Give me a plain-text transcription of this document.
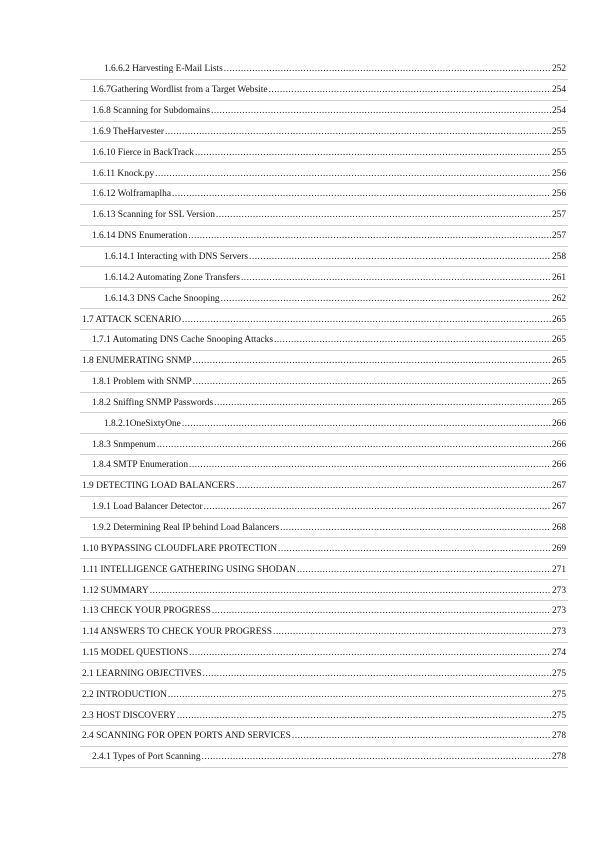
1.6.6.2 Harvesting E-Mail Lists .....	252
1.6.7Gathering Wordlist from a Target Website .....	254
1.6.8 Scanning for Subdomains .....	254
1.6.9 TheHarvester .....	255
1.6.10 Fierce in BackTrack .....	255
1.6.11 Knock.py .....	256
1.6.12 Wolframaplha .....	256
1.6.13 Scanning for SSL Version .....	257
1.6.14 DNS Enumeration .....	257
1.6.14.1 Interacting with DNS Servers .....	258
1.6.14.2 Automating Zone Transfers .....	261
1.6.14.3 DNS Cache Snooping .....	262
1.7 ATTACK SCENARIO .....	265
1.7.1 Automating DNS Cache Snooping Attacks .....	265
1.8 ENUMERATING SNMP .....	265
1.8.1 Problem with SNMP .....	265
1.8.2 Sniffing SNMP Passwords .....	265
1.8.2.1OneSixtyOne .....	266
1.8.3 Snmpenum .....	266
1.8.4 SMTP Enumeration .....	266
1.9 DETECTING LOAD BALANCERS .....	267
1.9.1 Load Balancer Detector .....	267
1.9.2 Determining Real IP behind Load Balancers .....	268
1.10 BYPASSING CLOUDFLARE PROTECTION .....	269
1.11 INTELLIGENCE GATHERING USING SHODAN .....	271
1.12 SUMMARY .....	273
1.13 CHECK YOUR PROGRESS .....	273
1.14 ANSWERS TO CHECK YOUR PROGRESS .....	273
1.15 MODEL QUESTIONS .....	274
2.1 LEARNING OBJECTIVES .....	275
2.2 INTRODUCTION .....	275
2.3 HOST DISCOVERY .....	275
2.4 SCANNING FOR OPEN PORTS AND SERVICES .....	278
2.4.1 Types of Port Scanning .....	278
